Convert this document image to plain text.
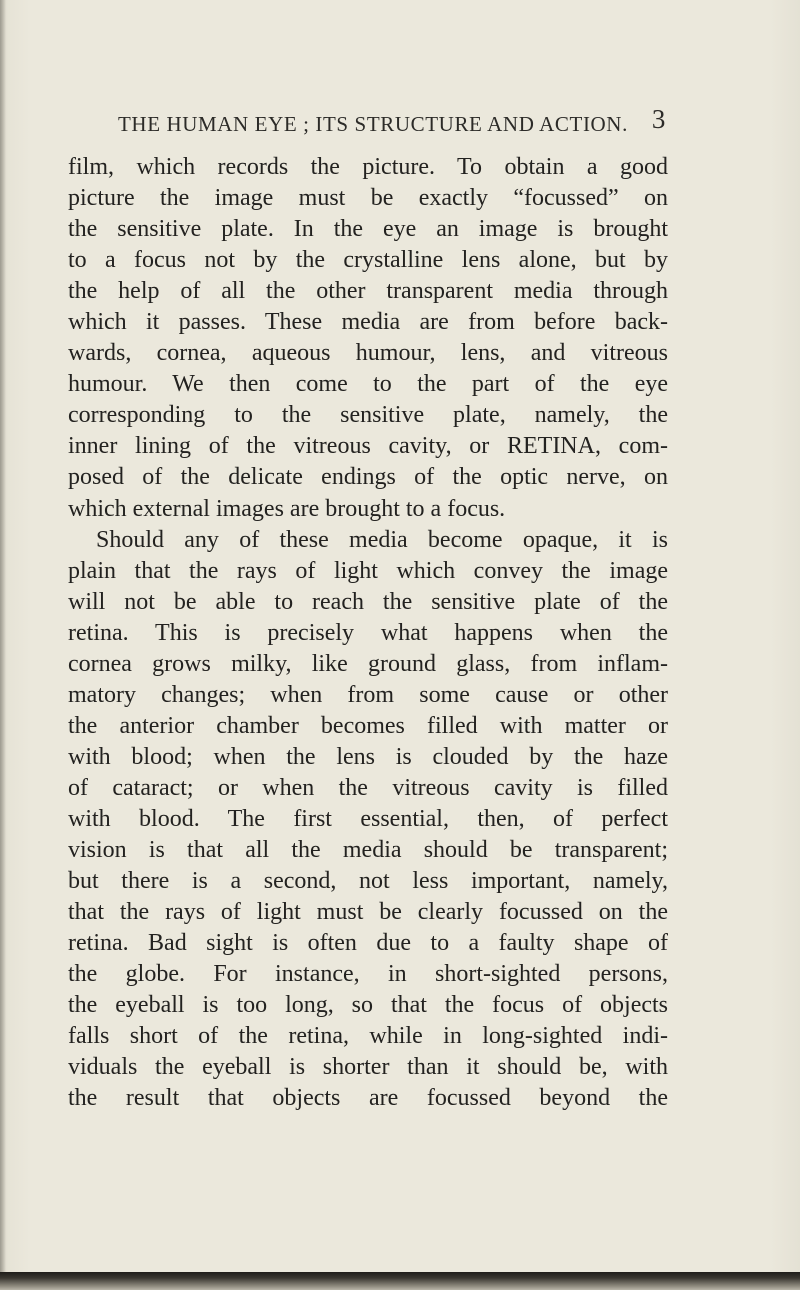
THE HUMAN EYE ; ITS STRUCTURE AND ACTION. 3
film, which records the picture. To obtain a good
picture the image must be exactly “focussed” on
the sensitive plate. In the eye an image is brought
to a focus not by the crystalline lens alone, but by
the help of all the other transparent media through
which it passes. These media are from before back-
wards, cornea, aqueous humour, lens, and vitreous
humour. We then come to the part of the eye
corresponding to the sensitive plate, namely, the
inner lining of the vitreous cavity, or RETINA, com-
posed of the delicate endings of the optic nerve, on
which external images are brought to a focus.
Should any of these media become opaque, it is
plain that the rays of light which convey the image
will not be able to reach the sensitive plate of the
retina. This is precisely what happens when the
cornea grows milky, like ground glass, from inflam-
matory changes; when from some cause or other
the anterior chamber becomes filled with matter or
with blood; when the lens is clouded by the haze
of cataract; or when the vitreous cavity is filled
with blood. The first essential, then, of perfect
vision is that all the media should be transparent;
but there is a second, not less important, namely,
that the rays of light must be clearly focussed on the
retina. Bad sight is often due to a faulty shape of
the globe. For instance, in short-sighted persons,
the eyeball is too long, so that the focus of objects
falls short of the retina, while in long-sighted indi-
viduals the eyeball is shorter than it should be, with
the result that objects are focussed beyond the
